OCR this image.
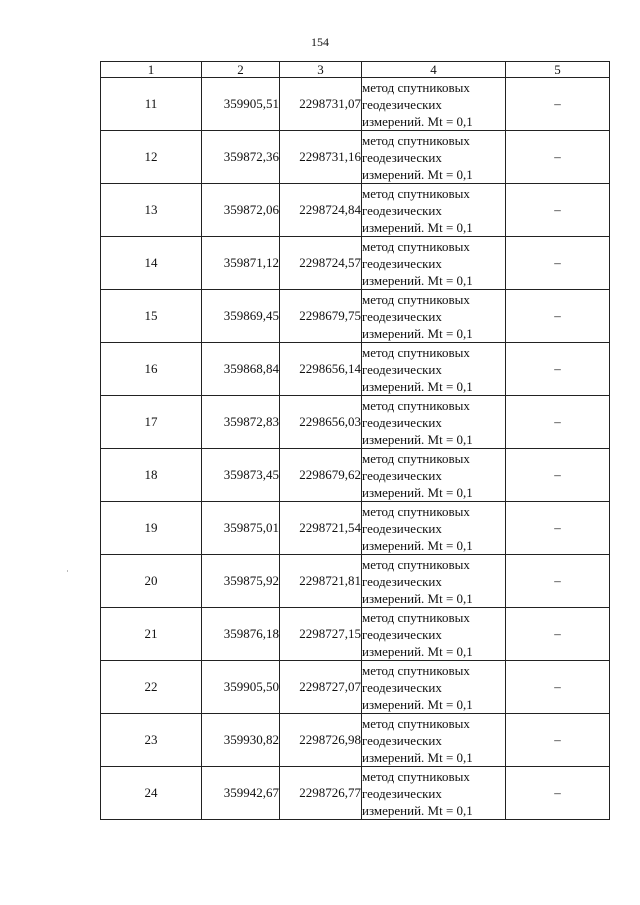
154
1	2	3	4	5
11	359905,51	2298731,07	метод спутниковых
геодезических
измерений. Mt = 0,1	–
12	359872,36	2298731,16	метод спутниковых
геодезических
измерений. Mt = 0,1	–
13	359872,06	2298724,84	метод спутниковых
геодезических
измерений. Mt = 0,1	–
14	359871,12	2298724,57	метод спутниковых
геодезических
измерений. Mt = 0,1	–
15	359869,45	2298679,75	метод спутниковых
геодезических
измерений. Mt = 0,1	–
16	359868,84	2298656,14	метод спутниковых
геодезических
измерений. Mt = 0,1	–
17	359872,83	2298656,03	метод спутниковых
геодезических
измерений. Mt = 0,1	–
18	359873,45	2298679,62	метод спутниковых
геодезических
измерений. Mt = 0,1	–
19	359875,01	2298721,54	метод спутниковых
геодезических
измерений. Mt = 0,1	–
20	359875,92	2298721,81	метод спутниковых
геодезических
измерений. Mt = 0,1	–
21	359876,18	2298727,15	метод спутниковых
геодезических
измерений. Mt = 0,1	–
22	359905,50	2298727,07	метод спутниковых
геодезических
измерений. Mt = 0,1	–
23	359930,82	2298726,98	метод спутниковых
геодезических
измерений. Mt = 0,1	–
24	359942,67	2298726,77	метод спутниковых
геодезических
измерений. Mt = 0,1	–
